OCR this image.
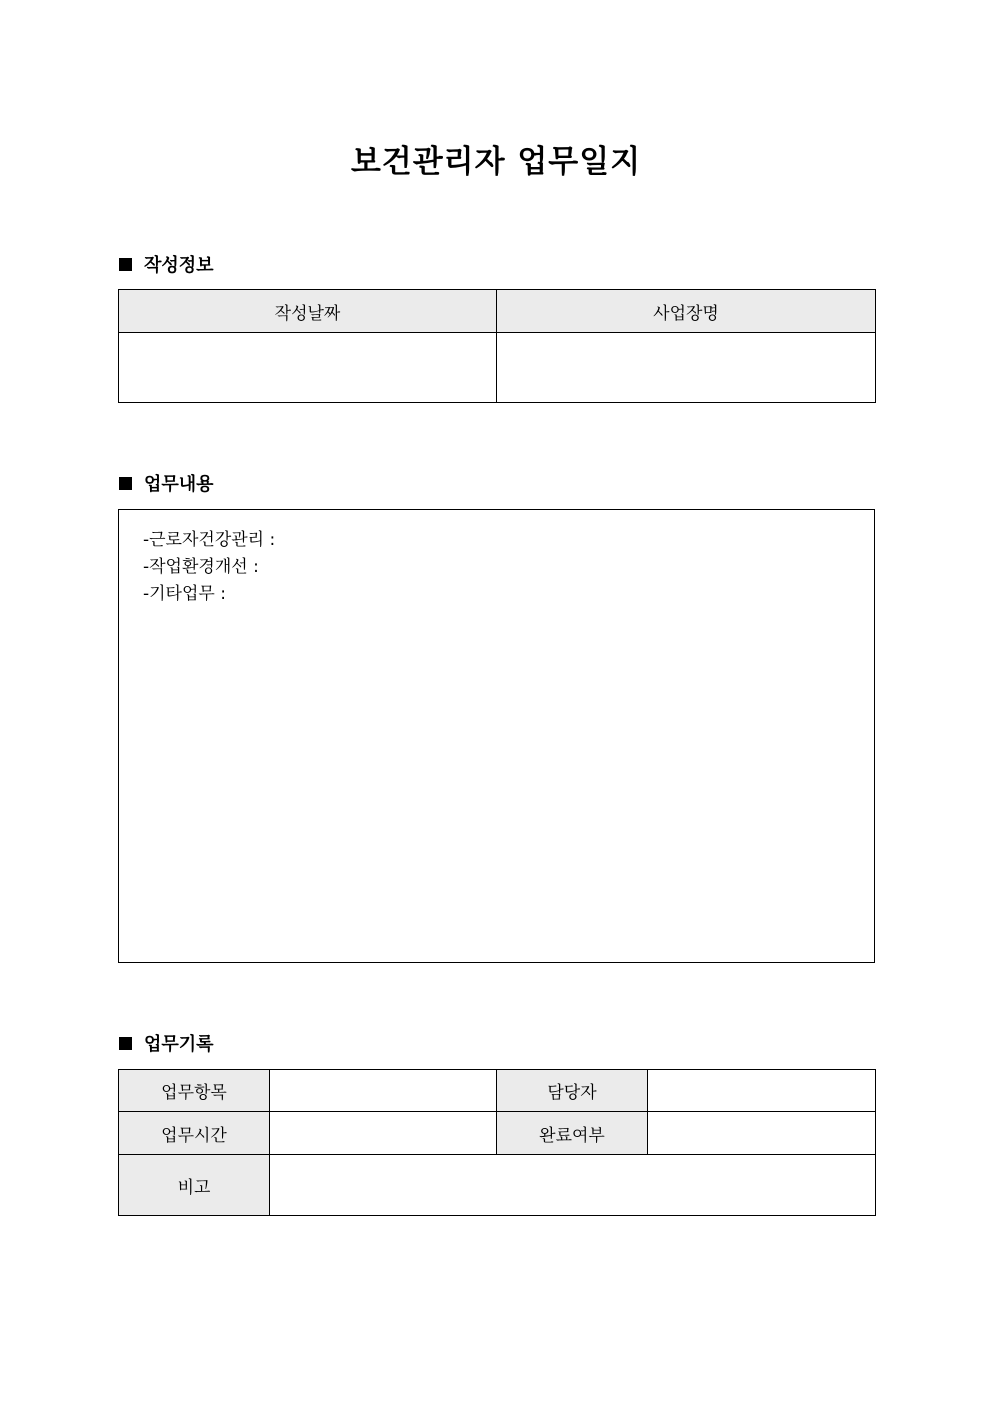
보건관리자 업무일지
작성정보
작성날짜	사업장명

업무내용
-근로자건강관리 :
-작업환경개선 :
-기타업무 :
업무기록
업무항목		담당자	
업무시간		완료여부	
비고			
